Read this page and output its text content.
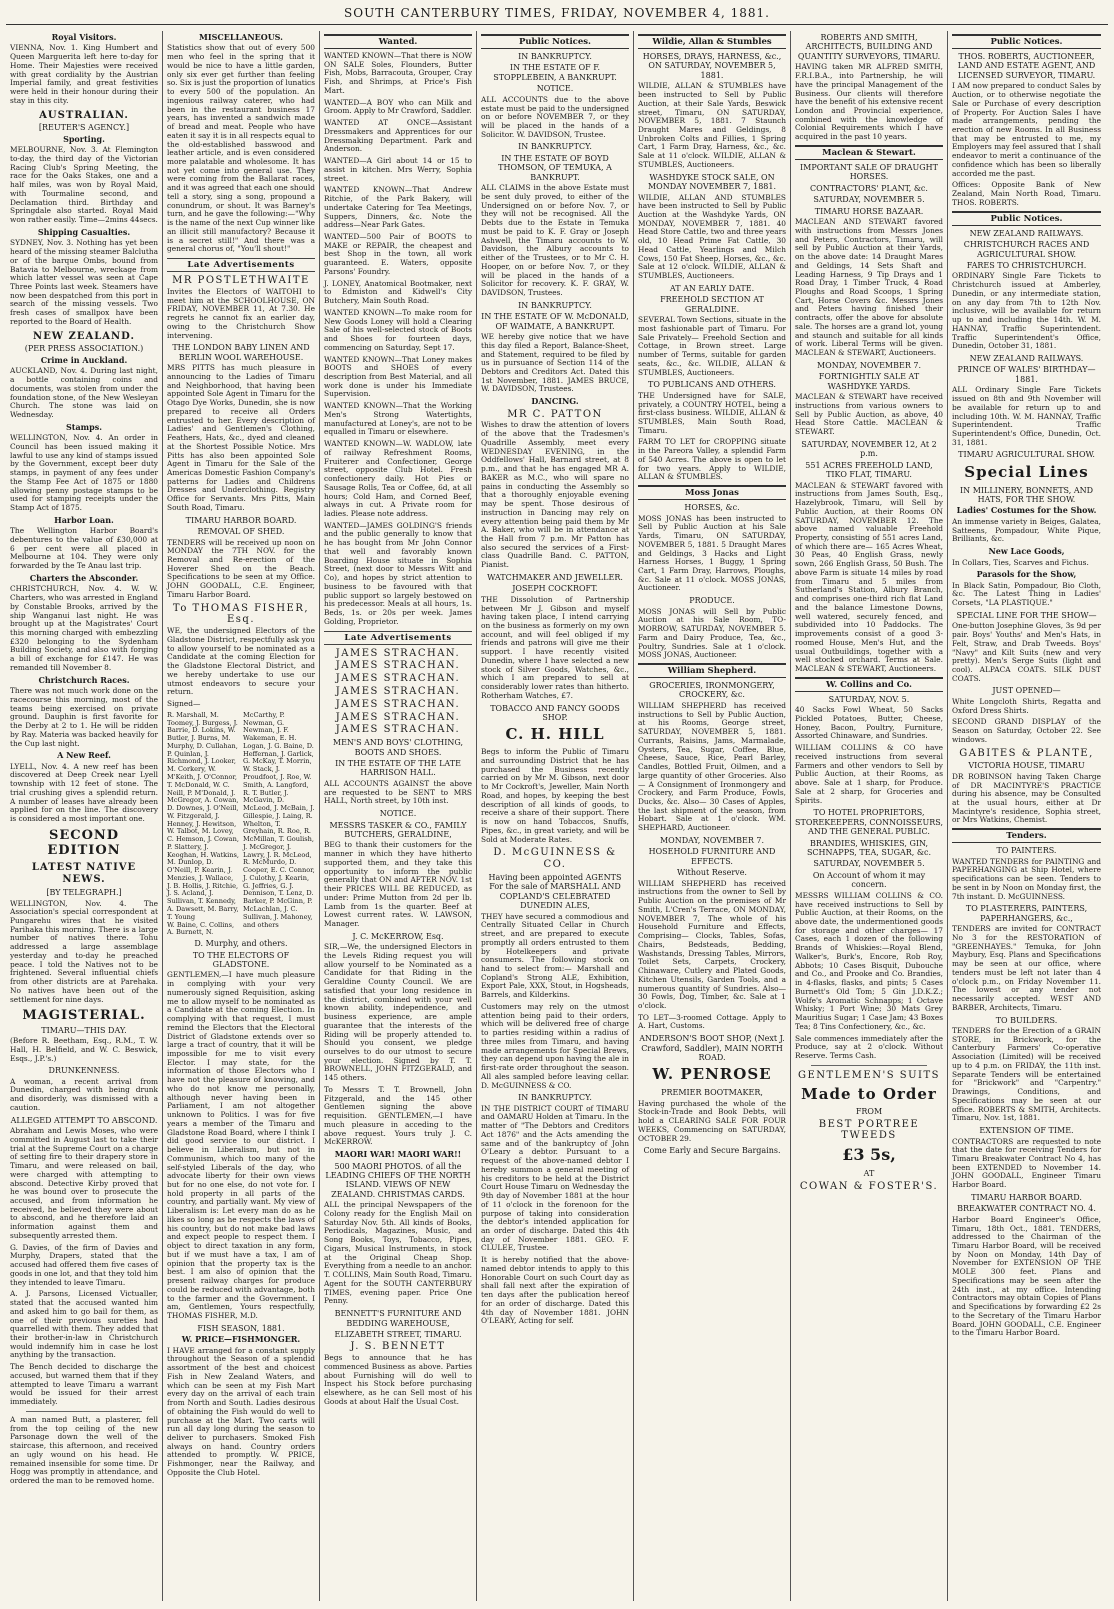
SOUTH CANTERBURY TIMES, FRIDAY, NOVEMBER 4, 1881.
Royal Visitors.

VIENNA, Nov. 1. King Humbert and Queen Marguerita left here to-day for Home. Their Majesties were received with great cordiality by the Austrian Imperial family, and great festivities were held in their honour during their stay in this city.

AUSTRALIAN.
[REUTER'S AGENCY.]
Sporting.

MELBOURNE, Nov. 3. At Flemington to-day, the third day of the Victorian Racing Club's Spring Meeting, the race for the Oaks Stakes, one and a half miles, was won by Royal Maid, with Tourmaline second, and Declamation third. Birthday and Springdale also started. Royal Maid won rather easily. Time—2mins 44secs.

Shipping Casualties.

SYDNEY, Nov. 3. Nothing has yet been heard of the missing steamer Balclutha or of the barque Ombs, bound from Batavia to Melbourne, wreckage from which latter vessel was seen at Cape Three Points last week. Steamers have now been despatched from this port in search of the missing vessels. Two fresh cases of smallpox have been reported to the Board of Health.

NEW ZEALAND.
(PER PRESS ASSOCIATION.)
Crime in Auckland.

AUCKLAND, Nov. 4. During last night, a bottle containing coins and documents, was stolen from under the foundation stone, of the New Wesleyan Church. The stone was laid on Wednesday.

Stamps.

WELLINGTON, Nov. 4. An order in Council has been issued making it lawful to use any kind of stamps issued by the Government, except beer duty stamps, in payment of any fees under the Stamp Fee Act of 1875 or 1880 allowing penny postage stamps to be used for stamping receipts under the Stamp Act of 1875.

Harbor Loan.

The Wellington Harbor Board's debentures to the value of £30,000 at 6 per cent were all placed in Melbourne at 104. They were only forwarded by the Te Anau last trip.

Charters the Absconder.

CHRISTCHURCH, Nov. 4. W. W. Charters, who was arrested in England by Constable Brooks, arrived by the ship Wanganui last night. He was brought up at the Magistrates' Court this morning charged with embezzling £320 belonging to the Sydenham Building Society, and also with forging a bill of exchange for £147. He was remanded till November 8.

Christchurch Races.

There was not much work done on the racecourse this morning, most of the teams being exercised on private ground. Dauphin is first favorite for the Derby at 2 to 1. He will be ridden by Ray. Materia was backed heavily for the Cup last night.

A New Reef.

LYELL, Nov. 4. A new reef has been discovered at Deep Creek near Lyell township with 12 feet of stone. The trial crushing gives a splendid return. A number of leases have already been applied for on the line. The discovery is considered a most important one.

SECOND EDITION
LATEST NATIVE NEWS.
[BY TELEGRAPH.]

WELLINGTON, Nov. 4. The Association's special correspondent at Pungarehu wires that he visited Parihaka this morning. There is a large number of natives there. Tohu addressed a large assemblage yesterday and to-day he preached peace. I told the Natives not to be frightened. Several influential chiefs from other districts are at Parehaka. No natives have been out of the settlement for nine days.

MAGISTERIAL.
TIMARU—THIS DAY.

(Before R. Beetham, Esq., R.M., T. W. Hall, H. Belfield, and W. C. Beswick, Esqs., J.P.'s.)

DRUNKENNESS.

A woman, a recent arrival from Dunedin, charged with being drunk and disorderly, was dismissed with a caution.

ALLEGED ATTEMPT TO ABSCOND.

Abraham and Lewis Moses, who were committed in August last to take their trial at the Supreme Court on a charge of setting fire to their drapery store in Timaru, and were released on bail, were charged with attempting to abscond. Detective Kirby proved that he was bound over to prosecute the accused, and from information he received, he believed they were about to abscond, and he therefore laid an information against them and subsequently arrested them.

G. Davies, of the firm of Davies and Murphy, Drapers, stated that the accused had offered them five cases of goods in one lot, and that they told him they intended to leave Timaru.

A. J. Parsons, Licensed Victualler, stated that the accused wanted him and asked him to go bail for them, as one of their previous sureties had quarrelled with them. They added that their brother-in-law in Christchurch would indemnify him in case he lost anything by the transaction.

The Bench decided to discharge the accused, but warned them that if they attempted to leave Timaru a warrant would be issued for their arrest immediately.

A man named Butt, a plasterer, fell from the top ceiling of the new Parsonage down the well of the staircase, this afternoon, and received an ugly wound on his head. He remained insensible for some time. Dr Hogg was promptly in attendance, and ordered the man to be removed home.

MISCELLANEOUS.

Statistics show that out of every 500 men who feel in the spring that it would be nice to have a little garden, only six ever get further than feeling so. Six is just the proportion of lunatics to every 500 of the population. An ingenious railway caterer, who had been in the restaurant business 17 years, has invented a sandwich made of bread and meat. People who have eaten it say it is in all respects equal to the old-established basswood and leather article, and is even considered more palatable and wholesome. It has not yet come into general use. They were coming from the Ballarat races, and it was agreed that each one should tell a story, sing a song, propound a conundrum, or shout. It was Barney's turn, and he gave the following:—"Why is the name of the next Cup winner like an illicit still manufactory? Because it is a secret still!" And there was a general chorus of, "You'll shout!"

Late Advertisements
MR POSTLETHWAITE

Invites the Electors of WAITOHI to meet him at the SCHOOLHOUSE, ON FRIDAY, NOVEMBER 11, At 7.30. He regrets he cannot fix an earlier day, owing to the Christchurch Show intervening.

THE LONDON BABY LINEN AND BERLIN WOOL WAREHOUSE.

MRS PITTS has much pleasure in announcing to the Ladies of Timaru and Neighborhood, that having been appointed Sole Agent in Timaru for the Otago Dye Works, Dunedin, she is now prepared to receive all Orders entrusted to her. Every description of Ladies' and Gentlemen's Clothing, Feathers, Hats, &c., dyed and cleaned at the Shortest Possible Notice. Mrs Pitts has also been appointed Sole Agent in Timaru for the Sale of the Americas Domestic Fashion Company's patterns for Ladies and Childrens Dresses and Underclothing. Registry Office for Servants. Mrs Pitts, Main South Road, Timaru.

TIMARU HARBOR BOARD.
REMOVAL OF SHED.

TENDERS will be received up noon on MONDAY the 7TH NOV. for the Removal and Re-erection of the Hoverer Shed on the Beach. Specifications to be seen at my Office. JOHN GOODALL, C.E. Engineer, Timaru Harbor Board.

To THOMAS FISHER, Esq.

WE, the undersigned Electors of the Gladstone District, respectfully ask you to allow yourself to be nominated as a Candidate at the coming Election for the Gladstone Electoral District, and we hereby undertake to use our utmost endeavors to secure your return.

Signed—
R. Marshall, M. Toomey, J. Burgess, J. Barrie, D. Lokins, W. Butler, J. Burns, M. Murphy, D. Cullahan, P. Quinlan, J. Richmond, J. Looker, M. Corkery, W. M'Keith, J. O'Connor, T. McDonald, W. C. Neill, P. M'Donald, J. McGregor, A. Cowan, D. Downes, J. O'Neill, W. Fitzgerald, J. Henney, J. Hewitson, W. Talbot, M. Lovey, C. Hemson, J. Cowan, P. Slattery, J. Keoghan, H. Watkins, M. Dunlop, D. O'Neill, P. Kearin, J. Menzies, J. Wallace, J. B. Hollis, J. Ritchie, J. S. Acland, J. Sullivan, T. Kennedy, A. Dawsett, M. Barry, T. Young
W. Baine, C. Collins, A. Burnett, N. McCarthy, P. Newman, G. Newman, J. F. Wakeman, E. H. Logan, J. G. Baine, D. Heffernan, J. Garlick, G. McKay, T. Morrin, W. Stack, J. Proudfoot, J. Roe, W. Smith, A. Langford, R. T. Butler, J. McGavin, D. McLeod, J. McBain, J. Gillespie, J. Laing, R. Whelton, T. Greyhain, R. Roe, R. McMillan, T. Goulish, J. McGregor, J. Lawry, J. R. McLeod, R. McMurdo, D. Cooper, E. C. Connor, J. Culothy, J. Kearin, G. Jeffries, G. J. Dennison, T. Lenz, D. Barker, P. McGinn, P. McLachlan, J. C. Sullivan, J. Mahoney, and others
D. Murphy, and others.
TO THE ELECTORS OF GLADSTONE.

GENTLEMEN,—I have much pleasure in complying with your very numerously signed Requisition, asking me to allow myself to be nominated as a Candidate at the coming Election. In complying with that request, I must remind the Electors that the Electoral District of Gladstone extends over so large a tract of country, that it will be impossible for me to visit every Elector. I may state, for the information of those Electors who I have not the pleasure of knowing, and who do not know me personally, although never having been in Parliament, I am not altogether unknown to Politics. I was for five years a member of the Timaru and Gladstone Road Board, where I think I did good service to our district. I believe in Liberalism, but not in Communism, which too many of the self-styled Liberals of the day, who advocate liberty for their own views but for no one else, do not vote for. I hold property in all parts of the country, and partially want. My view of Liberalism is: Let every man do as he likes so long as he respects the laws of his country, but do not make bad laws and expect people to respect them. I object to direct taxation in any form, but if we must have a tax, I am of opinion that the property tax is the best. I am also of opinion that the present railway charges for produce could be reduced with advantage, both to the farmer and the Government. I am, Gentlemen, Yours respectfully, THOMAS FISHER, M.D.

FISH SEASON, 1881.
W. PRICE—FISHMONGER.

I HAVE arranged for a constant supply throughout the Season of a splendid assortment of the best and choicest Fish in New Zealand Waters, and which can be seen at my Fish Mart every day on the arrival of each train from North and South. Ladies desirous of obtaining the Fish would do well to purchase at the Mart. Two carts will run all day long during the season to deliver to purchasers. Smoked Fish always on hand. Country orders attended to promptly. W. PRICE, Fishmonger, near the Railway, and Opposite the Club Hotel.

Wanted.

WANTED KNOWN—That there is NOW ON SALE Soles, Flounders, Butter Fish, Mobs, Barracouta, Grouper, Cray Fish, and Shrimps, at Price's Fish Mart.

WANTED—A BOY who can Milk and Groom. Apply to Mr Crawford, Saddler.

WANTED AT ONCE—Assistant Dressmakers and Apprentices for our Dressmaking Department. Park and Anderson.

WANTED—A Girl about 14 or 15 to assist in kitchen. Mrs Werry, Sophia street.

WANTED KNOWN—That Andrew Ritchie, of the Park Bakery, will undertake Catering for Tea Meetings, Suppers, Dinners, &c. Note the address—Near Park Gates.

WANTED—500 Pair of BOOTS to MAKE or REPAIR, the cheapest and best Shop in the town, all work guaranteed. E. Waters, opposite Parsons' Foundry.

J. LONEY, Anatomical Bootmaker, next to Edmiston and Kidwell's City Butchery, Main South Road.

WANTED KNOWN—To make room for New Goods Loney will hold a Clearing Sale of his well-selected stock of Boots and Shoes for fourteen days, commencing on Saturday, Sept 17.

WANTED KNOWN—That Loney makes BOOTS and SHOES of every description from Best Material, and all work done is under his Immediate Supervision.

WANTED KNOWN—That the Working Men's Strong Watertights, manufactured at Loney's, are not to be equalled in Timaru or elsewhere.

WANTED KNOWN—W. WADLOW, late of railway Refreshment Rooms, Fruiterer and Confectioner, George street, opposite Club Hotel. Fresh confectionery daily. Hot Pies or Sausage Rolls, Tea or Coffee, 6d, at all hours; Cold Ham, and Corned Beef, always in cut. A Private room for ladies. Please note address.

WANTED—JAMES GOLDING'S friends and the public generally to know that he has bought from Mr John Connor that well and favorably known Boarding House situate in Sophia Street, (next door to Messrs Witt and Co), and hopes by strict attention to business to be favoured with that public support so largely bestowed on his predecessor. Meals at all hours, 1s. Beds, 1s. or 20s per week. James Golding, Proprietor.

Late Advertisements
JAMES STRACHAN.
JAMES STRACHAN.
JAMES STRACHAN.
JAMES STRACHAN.
JAMES STRACHAN.
JAMES STRACHAN.
JAMES STRACHAN.
MEN'S AND BOYS' CLOTHING, BOOTS AND SHOES.
IN THE ESTATE OF THE LATE HARRISON HALL.

ALL ACCOUNTS AGAINST the above are requested to be SENT to MRS HALL, North street, by 10th inst.

NOTICE.
MESSRS TASKER & CO., FAMILY BUTCHERS, GERALDINE,

BEG to thank their customers for the manner in which they have hitherto supported them, and they take this opportunity to inform the public generally that ON and AFTER NOV. 1st their PRICES WILL BE REDUCED, as under: Prime Mutton from 2d per lb. Lamb from 1s the quarter. Beef at Lowest current rates. W. LAWSON, Manager.

J. C. McKERROW, Esq.

SIR,—We, the undersigned Electors in the Levels Riding request you will allow yourself to be Nominated as a Candidate for that Riding in the Geraldine County Council. We are satisfied that your long residence in the district, combined with your well known ability, independence, and business experience, are ample guarantee that the interests of the Riding will be properly attended to. Should you consent, we pledge ourselves to do our utmost to secure your election. Signed by T. T. BROWNELL, JOHN FITZGERALD, and 145 others.

To Messrs T. T. Brownell, John Fitzgerald, and the 145 other Gentlemen signing the above requisition. GENTLEMEN,—I have much pleasure in acceding to the above request. Yours truly J. C. McKERROW.

MAORI WAR! MAORI WAR!!
500 MAORI PHOTOS. of all the LEADING CHIEFS OF THE NORTH ISLAND. VIEWS OF NEW ZEALAND. CHRISTMAS CARDS.

ALL the principal Newspapers of the Colony ready for the English Mail on Saturday Nov. 5th. All kinds of Books, Periodicals, Magazines, Music, and Song Books, Toys, Tobacco, Pipes, Cigars, Musical Instruments, in stock at the Original Cheap Shop. Everything from a needle to an anchor. T. COLLINS, Main South Road, Timaru. Agent for the SOUTH CANTERBURY TIMES, evening paper. Price One Penny.

BENNETT'S FURNITURE AND BEDDING WAREHOUSE,
ELIZABETH STREET, TIMARU.
J. S. BENNETT

Begs to announce that he has commenced Business as above. Parties about Furnishing will do well to Inspect his Stock before purchasing elsewhere, as he can Sell most of his Goods at about Half the Usual Cost.

Public Notices.
IN BANKRUPTCY.
IN THE ESTATE OF F. STOPPLEBEIN, A BANKRUPT.
NOTICE.

ALL ACCOUNTS due to the above estate must be paid to the undersigned on or before NOVEMBER 7, or they will be placed in the hands of a Solicitor. W. DAVIDSON, Trustee.

IN BANKRUPTCY.
IN THE ESTATE OF BOYD THOMSON, OF TEMUKA, A BANKRUPT.

ALL CLAIMS in the above Estate must be sent duly proved, to either of the Undersigned on or before Nov. 7, or they will not be recognised. All the Debts due to the Estate in Temuka must be paid to K. F. Gray or Joseph Ashwell, the Timaru accounts to W. Davidson, the Albury accounts to either of the Trustees, or to Mr C. H. Hooper, on or before Nov. 7, or they will be placed in the hands of a Solicitor for recovery. K. F. GRAY, W. DAVIDSON, Trustees.

IN BANKRUPTCY.
IN THE ESTATE OF W. McDONALD, OF WAIMATE, A BANKRUPT.

WE hereby give notice that we have this day filed a Report, Balance-Sheet, and Statement, required to be filed by us in pursuance of Section 114 of the Debtors and Creditors Act. Dated this 1st November, 1881. JAMES BRUCE, W. DAVIDSON, Trustees.

DANCING.
MR C. PATTON

Wishes to draw the attention of lovers of the above that the Tradesmen's Quadrille Assembly, meet every WEDNESDAY EVENING, in the Oddfellows' Hall, Barnard street, at 8 p.m., and that he has engaged MR A. BAKER as M.C., who will spare no pains in conducting the Assembly so that a thoroughly enjoyable evening may be spent. Those desirous of instruction in Dancing may rely on every attention being paid them by Mr A. Baker, who will be in attendance at the Hall from 7 p.m. Mr Patton has also secured the services of a First-class Quadrille Band. C. PATTON, Pianist.

WATCHMAKER AND JEWELLER.
JOSEPH COCKROFT.

THE Dissolution of Partnership between Mr J. Gibson and myself having taken place, I intend carrying on the business as formerly on my own account, and will feel obliged if my friends and patrons will give me their support. I have recently visited Dunedin, where I have selected a new stock of Silver Goods, Watches, &c., which I am prepared to sell at considerably lower rates than hitherto. Rotherham Watches, £7.

TOBACCO AND FANCY GOODS SHOP.
C. H. HILL

Begs to inform the Public of Timaru and surrounding District that he has purchased the Business recently carried on by Mr M. Gibson, next door to Mr Cockroft's, Jeweller, Main North Road, and hopes, by keeping the best description of all kinds of goods, to receive a share of their support. There is now on hand Tobaccos, Snuffs, Pipes, &c., in great variety, and will be Sold at Moderate Rates.

D. McGUINNESS & CO.
Having been appointed AGENTS For the sale of MARSHALL AND COPLAND'S CELEBRATED DUNEDIN ALES,

THEY have secured a commodious and Centrally Situated Cellar in Church street, and are prepared to execute promptly all orders entrusted to them by Hotelkeepers and private consumers. The following stock on hand to select from:— Marshall and Copland's Strong ALE, Exhibition, Export Pale, XXX, Stout, in Hogsheads, Barrels, and Kilderkins.

Customers may rely on the utmost attention being paid to their orders, which will be delivered free of charge to parties residing within a radius of three miles from Timaru, and having made arrangements for Special Brews, they can depend upon having the ale in first-rate order throughout the season. All ales sampled before leaving cellar. D. McGUINNESS & CO.

IN BANKRUPTCY.

IN THE DISTRICT COURT of TIMARU and OAMARU Holden at Timaru. In the matter of "The Debtors and Creditors Act 1876" and the Acts amending the same and of the bankruptcy of John O'Leary a debtor. Pursuant to a request of the above-named debtor I hereby summon a general meeting of his creditors to be held at the District Court House Timaru on Wednesday the 9th day of November 1881 at the hour of 11 o'clock in the forenoon for the purpose of taking into consideration the debtor's intended application for an order of discharge. Dated this 4th day of November 1881. GEO. F. CLULEE, Trustee.

It is hereby notified that the above-named debtor intends to apply to this Honorable Court on such Court day as shall fall next after the expiration of ten days after the publication hereof for an order of discharge. Dated this 4th day of November 1881. JOHN O'LEARY, Acting for self.

Wildie, Allan & Stumbles
HORSES, DRAYS, HARNESS, &c., ON SATURDAY, NOVEMBER 5, 1881.

WILDIE, ALLAN & STUMBLES have been instructed to Sell by Public Auction, at their Sale Yards, Beswick street, Timaru, ON SATURDAY, NOVEMBER 5, 1881. 7 Staunch Draught Mares and Geldings, 8 Unbroken Colts and Fillies, 1 Spring Cart, 1 Farm Dray, Harness, &c., &c. Sale at 11 o'clock. WILDIE, ALLAN & STUMBLES, Auctioneers.

WASHDYKE STOCK SALE, ON MONDAY NOVEMBER 7, 1881.

WILDIE, ALLAN AND STUMBLES have been instructed to Sell by Public Auction at the Washdyke Yards, ON MONDAY, NOVEMBER 7, 1881. 40 Head Store Cattle, two and three years old, 10 Head Prime Fat Cattle, 30 Head Cattle, Yearlings and Milch Cows, 150 Fat Sheep, Horses, &c., &c. Sale at 12 o'clock. WILDIE, ALLAN & STUMBLES, Auctioneers.

AT AN EARLY DATE.
FREEHOLD SECTION AT GERALDINE.

SEVERAL Town Sections, situate in the most fashionable part of Timaru. For Sale Privately— Freehold Section and Cottage, in Brown street. Large number of Terms, suitable for garden seats, &c., &c. WILDIE, ALLAN & STUMBLES, Auctioneers.

TO PUBLICANS AND OTHERS.

THE Undersigned have for SALE, privately, a COUNTRY HOTEL, being a first-class business. WILDIE, ALLAN & STUMBLES, Main South Road, Timaru.

FARM TO LET for CROPPING situate in the Pareora Valley, a splendid Farm of 540 Acres. The above is open to let for two years. Apply to WILDIE, ALLAN & STUMBLES.

Moss Jonas
HORSES, &c.

MOSS JONAS has been instructed to Sell by Public Auction at his Sale Yards, Timaru, ON SATURDAY, NOVEMBER 5, 1881. 5 Draught Mares and Geldings, 3 Hacks and Light Harness Horses, 1 Buggy, 1 Spring Cart, 1 Farm Dray, Harrows, Ploughs, &c. Sale at 11 o'clock. MOSS JONAS, Auctioneer.

PRODUCE.

MOSS JONAS will Sell by Public Auction at his Sale Room, TO-MORROW, SATURDAY, NOVEMBER 5. Farm and Dairy Produce, Tea, &c., Poultry, Sundries. Sale at 1 o'clock. MOSS JONAS, Auctioneer.

William Shepherd.
GROCERIES, IRONMONGERY, CROCKERY, &c.

WILLIAM SHEPHERD has received instructions to Sell by Public Auction, at his Rooms, George street, SATURDAY, NOVEMBER 5, 1881. Currants, Raisins, Jams, Marmalade, Oysters, Tea, Sugar, Coffee, Blue, Cheese, Sauce, Rice, Pearl Barley, Candles, Bottled Fruit, Oilmen, and a large quantity of other Groceries. Also— A Consignment of Ironmongery and Crockery, and Farm Produce, Fowls, Ducks, &c. Also— 30 Cases of Apples, the last shipment of the season, from Hobart. Sale at 1 o'clock. WM. SHEPHARD, Auctioneer.

MONDAY, NOVEMBER 7.
HOSEHOLD FURNITURE AND EFFECTS.
Without Reserve.

WILLIAM SHEPHERD has received instructions from the owner to Sell by Public Auction on the premises of Mr Smith, L'Cren's Terrace, ON MONDAY, NOVEMBER 7, The whole of his Household Furniture and Effects, Comprising— Clocks, Tables, Sofas, Chairs, Bedsteads, Bedding, Washstands, Dressing Tables, Mirrors, Toilet Sets, Carpets, Crockery, Chinaware, Cutlery and Plated Goods, Kitchen Utensils, Garden Tools, and a numerous quantity of Sundries. Also— 30 Fowls, Dog, Timber, &c. Sale at 1 o'clock.

TO LET—3-roomed Cottage. Apply to A. Hart, Customs.

ANDERSON'S BOOT SHOP, (Next J. Crawford, Saddler), MAIN NORTH ROAD.
W. PENROSE
PREMIER BOOTMAKER,

Having purchased the whole of the Stock-in-Trade and Book Debts, will hold a CLEARING SALE FOR FOUR WEEKS, Commencing on SATURDAY, OCTOBER 29.

Come Early and Secure Bargains.
ROBERTS AND SMITH, ARCHITECTS, BUILDING AND QUANTITY SURVEYORS, TIMARU.

HAVING taken MR ALFRED SMITH, F.R.I.B.A., into Partnership, he will have the principal Management of the Business. Our clients will therefore have the benefit of his extensive recent London and Provincial experience, combined with the knowledge of Colonial Requirements which I have acquired in the past 10 years.

Maclean & Stewart.
IMPORTANT SALE OF DRAUGHT HORSES.
CONTRACTORS' PLANT, &c.
SATURDAY, NOVEMBER 5.
TIMARU HORSE BAZAAR.

MACLEAN AND STEWART favored with instructions from Messrs Jones and Peters, Contractors, Timaru, will sell by Public Auction at their Yards, on the above date: 14 Draught Mares and Geldings, 14 Sets Shaft and Leading Harness, 9 Tip Drays and 1 Road Dray, 1 Timber Truck, 4 Road Ploughs and Road Scoops, 1 Spring Cart, Horse Covers &c. Messrs Jones and Peters having finished their contracts, offer the above for absolute sale. The horses are a grand lot, young and staunch and suitable for all kinds of work. Liberal Terms will be given. MACLEAN & STEWART, Auctioneers.

MONDAY, NOVEMBER 7.
FORTNIGHTLY SALE AT WASHDYKE YARDS.

MACLEAN & STEWART have received instructions from various owners to Sell by Public Auction, as above, 40 Head Store Cattle. MACLEAN & STEWART.

SATURDAY, NOVEMBER 12, At 2 p.m.
551 ACRES FREEHOLD LAND, TIKO FLAT, TIMARU.

MACLEAN & STEWART favored with instructions from James South, Esq., Hazelybrook, Timaru, will Sell by Public Auction, at their Rooms ON SATURDAY, NOVEMBER 12. The above named valuable Freehold Property, consisting of 551 acres Land, of which there are— 165 Acres Wheat, 30 Peas, 40 English Grass, newly sown, 266 English Grass, 50 Bush. The above Farm is situate 14 miles by road from Timaru and 5 miles from Sutherland's Station, Albury Branch, and comprises one-third rich flat Land and the balance Limestone Downs, well watered, securely fenced, and subdivided into 10 Paddocks. The improvements consist of a good 3-roomed House, Men's Hut, and the usual Outbuildings, together with a well stocked orchard. Terms at Sale. MACLEAN & STEWART, Auctioneers.

W. Collins and Co.
SATURDAY, NOV. 5.

40 Sacks Fowl Wheat, 50 Sacks Pickled Potatoes, Butter, Cheese, Honey, Bacon, Poultry, Furniture, Assorted Chinaware, and Sundries.

WILLIAM COLLINS & CO have received instructions from several Farmers and other vendors to Sell by Public Auction, at their Rooms, as above. Sale at 1 sharp, for Produce. Sale at 2 sharp, for Groceries and Spirits.

TO HOTEL PROPRIETORS, STOREKEEPERS, CONNOISSEURS, AND THE GENERAL PUBLIC.
BRANDIES, WHISKIES, GIN, SCHNAPPS, TEA, SUGAR, &c.
SATURDAY, NOVEMBER 5.
On Account of whom it may concern.

MESSRS WILLIAM COLLINS & CO. have received instructions to Sell by Public Auction, at their Rooms, on the above date, the undermentioned goods for storage and other charges— 17 Cases, each 1 dozen of the following Brands of Whiskies:—Royal Blend, Walker's, Burk's, Encore, Rob Roy, Abbots; 10 Cases Bisquit, Dubouche and Co., and Prooke and Co. Brandies, in 4-flasks, flasks, and pints; 5 Cases Burnett's Old Tom; 5 Gin J.D.K.Z.; Wolfe's Aromatic Schnapps; 1 Octave Whisky; 1 Port Wine; 30 Mats Grey Mauritius Sugar; 1 Case Jam; 43 Boxes Tea; 8 Tins Confectionery, &c., &c.

Sale commences immediately after the Produce, say at 2 o'clock. Without Reserve. Terms Cash.

GENTLEMEN'S SUITS
Made to Order
FROM
BEST PORTREE TWEEDS
£3 5s,
AT
COWAN & FOSTER'S.
Public Notices.
THOS. ROBERTS, AUCTIONEER, LAND AND ESTATE AGENT, AND LICENSED SURVEYOR, TIMARU.

I AM now prepared to conduct Sales by Auction, or to otherwise negotiate the Sale or Purchase of every description of Property. For Auction Sales I have made arrangements, pending the erection of new Rooms. In all Business that may be entrusted to me, my Employers may feel assured that I shall endeavor to merit a continuance of the confidence which has been so liberally accorded me the past.

Offices: Opposite Bank of New Zealand, Main North Road, Timaru. THOS. ROBERTS.

Public Notices.
NEW ZEALAND RAILWAYS.
CHRISTCHURCH RACES AND AGRICULTURAL SHOW.
FARES TO CHRISTCHURCH.

ORDINARY Single Fare Tickets to Christchurch issued at Amberley, Dunedin, or any intermediate station, on any day from 7th to 12th Nov. inclusive, will be available for return up to and including the 14th. W. M. HANNAY, Traffic Superintendent. Traffic Superintendent's Office, Dunedin, October 31, 1881.

NEW ZEALAND RAILWAYS.
PRINCE OF WALES' BIRTHDAY—1881.

ALL Ordinary Single Fare Tickets issued on 8th and 9th November will be available for return up to and including 10th. W. M. HANNAY, Traffic Superintendent. Traffic Superintendent's Office, Dunedin, Oct. 31, 1881.

TIMARU AGRICULTURAL SHOW.
Special Lines
IN MILLINERY, BONNETS, AND HATS, FOR THE SHOW.
Ladies' Costumes for the Show.

An immense variety in Beiges, Galatea, Satteens, Pompadour, White Pique, Brilliants, &c.

New Lace Goods,

In Collars, Ties, Scarves and Fichus.

Parasols for the Show,

In Black Satin, Pompadour, Bio Cloth, &c. The Latest Thing in Ladies' Corsets, "LA PLASTIQUE."

SPECIAL LINE FOR THE SHOW—

One-button Josephine Gloves, 3s 9d per pair. Boys' Youths' and Men's Hats, in Felt, Straw, and Drab Tweeds. Boys' "Navy" and Kilt Suits (new and very pretty). Men's Serge Suits (light and cool). ALPACA COATS. SILK DUST COATS.

JUST OPENED—

White Longcloth Shirts, Regatta and Oxford Dress Shirts.

SECOND GRAND DISPLAY of the Season on Saturday, October 22. See windows.

GABITES & PLANTE,
VICTORIA HOUSE, TIMARU

DR ROBINSON having Taken Charge of DR MACINTYRE'S PRACTICE during his absence, may be Consulted at the usual hours, either at Dr Macintyre's residence, Sophia street, or Mrs Watkins, Chemist.

Tenders.
TO PAINTERS.

WANTED TENDERS for PAINTING and PAPERHANGING at Ship Hotel, where specifications can be seen. Tenders to be sent in by Noon on Monday first, the 7th instant. D. McGUINNESS.

TO PLASTERERS, PAINTERS, PAPERHANGERS, &c.,

TENDERS are invited for CONTRACT No 3 for the RESTORATION of "GREENHAYES." Temuka, for John Maybury, Esq. Plans and Specifications may be seen at our office, where tenders must be left not later than 4 o'clock p.m., on Friday November 11. The lowest or any tender not necessarily accepted. WEST AND BARBER, Architects, Timaru.

TO BUILDERS.

TENDERS for the Erection of a GRAIN STORE, in Brickwork, for the Canterbury Farmers' Co-operative Association (Limited) will be received up to 4 p.m. on FRIDAY, the 11th inst. Separate Tenders will be entertained for "Brickwork" and "Carpentry." Drawings, Conditions, and Specifications may be seen at our office. ROBERTS & SMITH, Architects. Timaru, Nov. 1st, 1881.

EXTENSION OF TIME.

CONTRACTORS are requested to note that the date for receiving Tenders for Timaru Breakwater Contract No 4, has been EXTENDED to November 14. JOHN GOODALL, Engineer Timaru Harbor Board.

TIMARU HARBOR BOARD.
BREAKWATER CONTRACT NO. 4.

Harbor Board Engineer's Office, Timaru, 18th Oct., 1881. TENDERS, addressed to the Chairman of the Timaru Harbor Board, will be received by Noon on Monday, 14th Day of November for EXTENSION OF THE MOLE 300 feet. Plans and Specifications may be seen after the 24th inst., at my office. Intending Contractors may obtain Copies of Plans and Specifications by forwarding £2 2s to the Secretary of the Timaru Harbor Board. JOHN GOODALL, C.E. Engineer to the Timaru Harbor Board.
